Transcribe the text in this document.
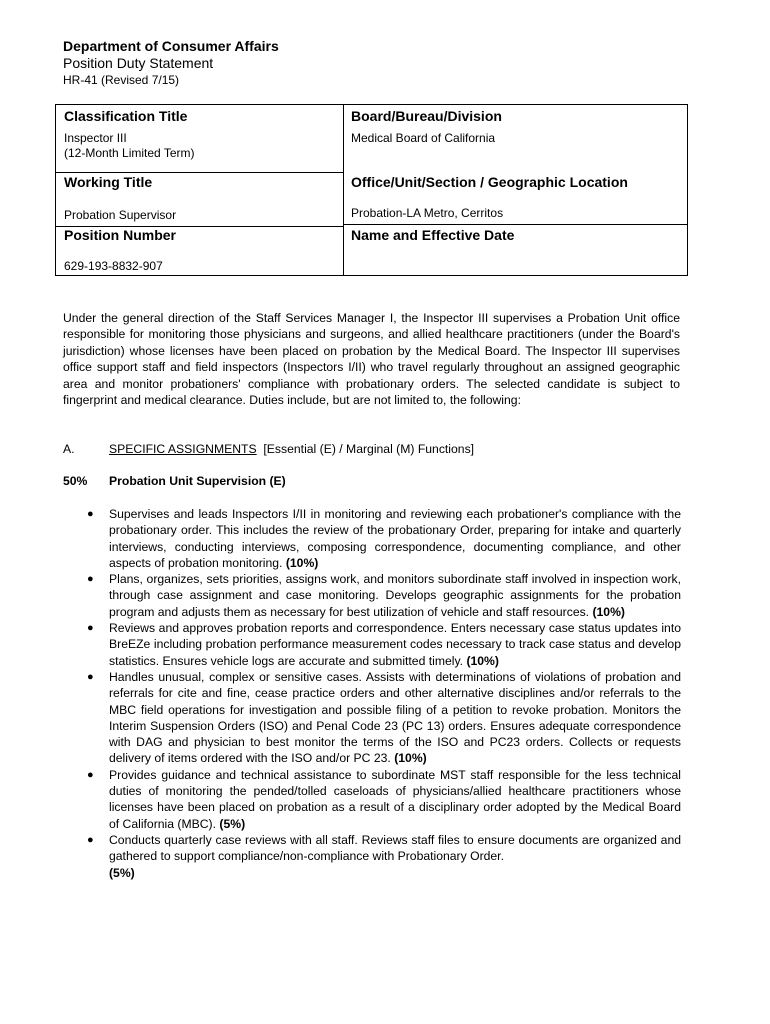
Department of Consumer Affairs
Position Duty Statement
HR-41 (Revised 7/15)
Classification Title
Inspector III
(12-Month Limited Term)
Board/Bureau/Division
Medical Board of California
Working Title
Probation Supervisor
Office/Unit/Section / Geographic Location
Probation-LA Metro, Cerritos
Position Number
629-193-8832-907
Name and Effective Date

Under the general direction of the Staff Services Manager I, the Inspector III supervises a Probation Unit office responsible for monitoring those physicians and surgeons, and allied healthcare practitioners (under the Board's jurisdiction) whose licenses have been placed on probation by the Medical Board. The Inspector III supervises office support staff and field inspectors (Inspectors I/II) who travel regularly throughout an assigned geographic area and monitor probationers' compliance with probationary orders. The selected candidate is subject to fingerprint and medical clearance. Duties include, but are not limited to, the following:

A.	SPECIFIC ASSIGNMENTS [Essential (E) / Marginal (M) Functions]
50% Probation Unit Supervision (E)
● Supervises and leads Inspectors I/II in monitoring and reviewing each probationer's compliance with the probationary order. This includes the review of the probationary Order, preparing for intake and quarterly interviews, conducting interviews, composing correspondence, documenting compliance, and other aspects of probation monitoring. (10%)
● Plans, organizes, sets priorities, assigns work, and monitors subordinate staff involved in inspection work, through case assignment and case monitoring. Develops geographic assignments for the probation program and adjusts them as necessary for best utilization of vehicle and staff resources. (10%)
● Reviews and approves probation reports and correspondence. Enters necessary case status updates into BreEZe including probation performance measurement codes necessary to track case status and develop statistics. Ensures vehicle logs are accurate and submitted timely. (10%)
● Handles unusual, complex or sensitive cases. Assists with determinations of violations of probation and referrals for cite and fine, cease practice orders and other alternative disciplines and/or referrals to the MBC field operations for investigation and possible filing of a petition to revoke probation. Monitors the Interim Suspension Orders (ISO) and Penal Code 23 (PC 13) orders. Ensures adequate correspondence with DAG and physician to best monitor the terms of the ISO and PC23 orders. Collects or requests delivery of items ordered with the ISO and/or PC 23. (10%)
● Provides guidance and technical assistance to subordinate MST staff responsible for the less technical duties of monitoring the pended/tolled caseloads of physicians/allied healthcare practitioners whose licenses have been placed on probation as a result of a disciplinary order adopted by the Medical Board of California (MBC). (5%)
● Conducts quarterly case reviews with all staff. Reviews staff files to ensure documents are organized and gathered to support compliance/non-compliance with Probationary Order.
(5%)
